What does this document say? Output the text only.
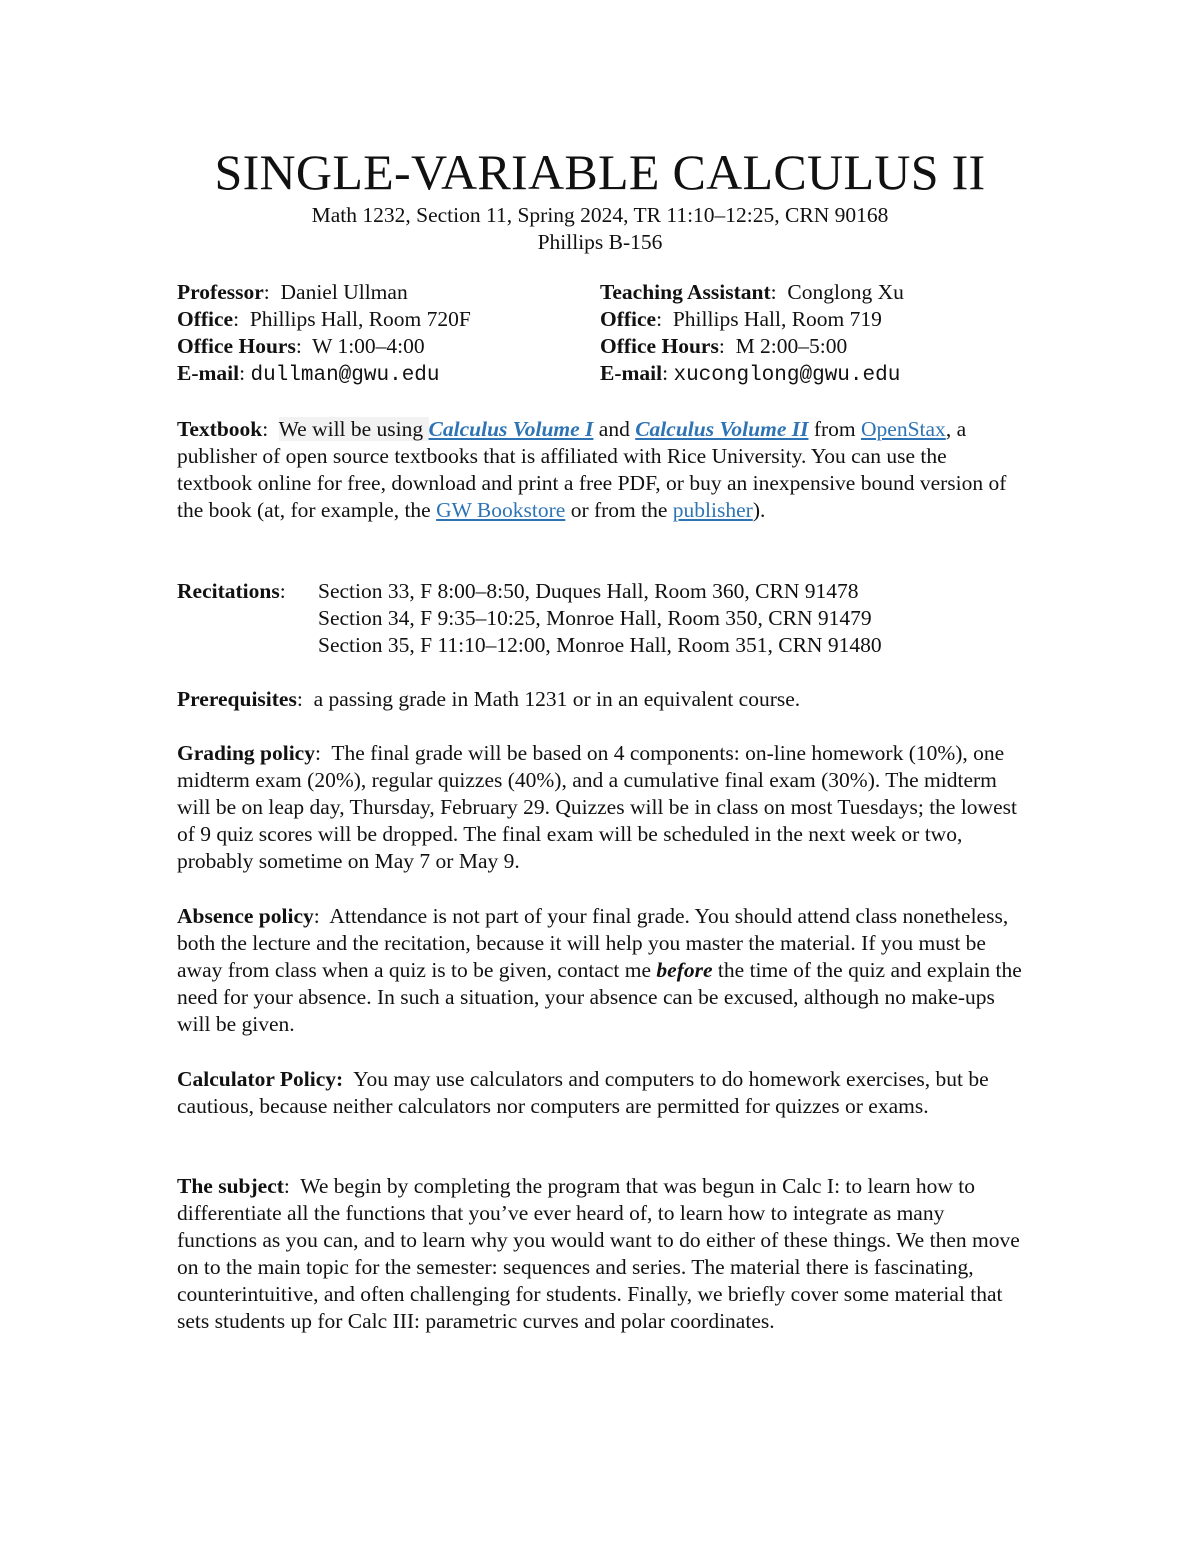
SINGLE-VARIABLE CALCULUS II
Math 1232, Section 11, Spring 2024, TR 11:10–12:25, CRN 90168
Phillips B-156
Professor:  Daniel Ullman
Office:  Phillips Hall, Room 720F
Office Hours:  W 1:00–4:00
E-mail: dullman@gwu.edu
Teaching Assistant:  Conglong Xu
Office:  Phillips Hall, Room 719
Office Hours:  M 2:00–5:00
E-mail: xuconglong@gwu.edu
Textbook:  We will be using Calculus Volume I and Calculus Volume II from OpenStax, a publisher of open source textbooks that is affiliated with Rice University. You can use the textbook online for free, download and print a free PDF, or buy an inexpensive bound version of the book (at, for example, the GW Bookstore or from the publisher).
Recitations: Section 33, F 8:00–8:50, Duques Hall, Room 360, CRN 91478
Section 34, F 9:35–10:25, Monroe Hall, Room 350, CRN 91479
Section 35, F 11:10–12:00, Monroe Hall, Room 351, CRN 91480
Prerequisites:  a passing grade in Math 1231 or in an equivalent course.
Grading policy:  The final grade will be based on 4 components: on-line homework (10%), one midterm exam (20%), regular quizzes (40%), and a cumulative final exam (30%). The midterm will be on leap day, Thursday, February 29. Quizzes will be in class on most Tuesdays; the lowest of 9 quiz scores will be dropped. The final exam will be scheduled in the next week or two, probably sometime on May 7 or May 9.
Absence policy:  Attendance is not part of your final grade. You should attend class nonetheless, both the lecture and the recitation, because it will help you master the material. If you must be away from class when a quiz is to be given, contact me before the time of the quiz and explain the need for your absence. In such a situation, your absence can be excused, although no make-ups will be given.
Calculator Policy: You may use calculators and computers to do homework exercises, but be cautious, because neither calculators nor computers are permitted for quizzes or exams.
The subject:  We begin by completing the program that was begun in Calc I: to learn how to differentiate all the functions that you’ve ever heard of, to learn how to integrate as many functions as you can, and to learn why you would want to do either of these things. We then move on to the main topic for the semester: sequences and series. The material there is fascinating, counterintuitive, and often challenging for students. Finally, we briefly cover some material that sets students up for Calc III: parametric curves and polar coordinates.
